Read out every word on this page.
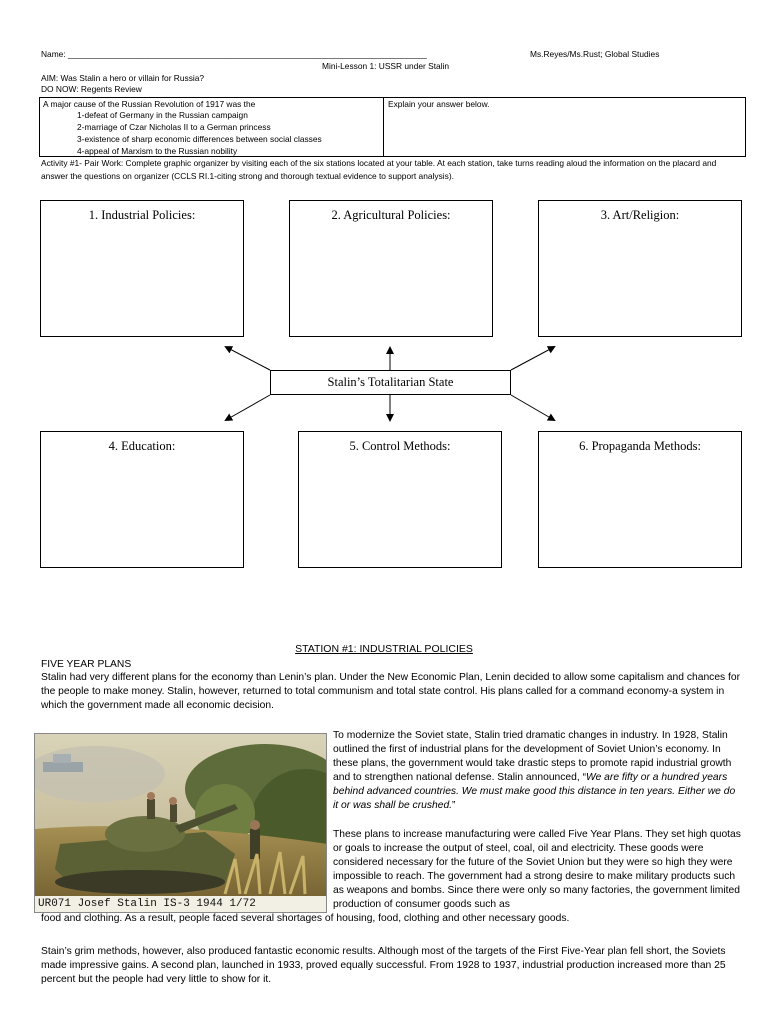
Name: _____________________________________________________________________________	Ms.Reyes/Ms.Rust; Global Studies
Mini-Lesson 1: USSR under Stalin
AIM: Was Stalin a hero or villain for Russia?
DO NOW: Regents Review
A major cause of the Russian Revolution of 1917 was the
1-defeat of Germany in the Russian campaign
2-marriage of Czar Nicholas II to a German princess
3-existence of sharp economic differences between social classes
4-appeal of Marxism to the Russian nobility
Explain your answer below.
Activity #1- Pair Work: Complete graphic organizer by visiting each of the six stations located at your table. At each station, take turns reading aloud the information on the placard and answer the questions on organizer (CCLS RI.1-citing strong and thorough textual evidence to support analysis).
1. Industrial Policies:	2. Agricultural Policies:	3. Art/Religion:
4. Education:	5. Control Methods:	6. Propaganda Methods:
Stalin’s Totalitarian State
STATION #1: INDUSTRIAL POLICIES
FIVE YEAR PLANS
Stalin had very different plans for the economy than Lenin’s plan. Under the New Economic Plan, Lenin decided to allow some capitalism and chances for the people to make money. Stalin, however, returned to total communism and total state control. His plans called for a command economy-a system in which the government made all economic decision.
UR071 Josef Stalin IS-3 1944 1/72
To modernize the Soviet state, Stalin tried dramatic changes in industry. In 1928, Stalin outlined the first of industrial plans for the development of Soviet Union’s economy. In these plans, the government would take drastic steps to promote rapid industrial growth and to strengthen national defense. Stalin announced, “We are fifty or a hundred years behind advanced countries. We must make good this distance in ten years. Either we do it or was shall be crushed.”
These plans to increase manufacturing were called Five Year Plans. They set high quotas or goals to increase the output of steel, coal, oil and electricity. These goods were considered necessary for the future of the Soviet Union but they were so high they were impossible to reach. The government had a strong desire to make military products such as weapons and bombs. Since there were only so many factories, the government limited production of consumer goods such as
food and clothing. As a result, people faced several shortages of housing, food, clothing and other necessary goods.
Stain’s grim methods, however, also produced fantastic economic results. Although most of the targets of the First Five-Year plan fell short, the Soviets made impressive gains. A second plan, launched in 1933, proved equally successful. From 1928 to 1937, industrial production increased more than 25 percent but the people had very little to show for it.
